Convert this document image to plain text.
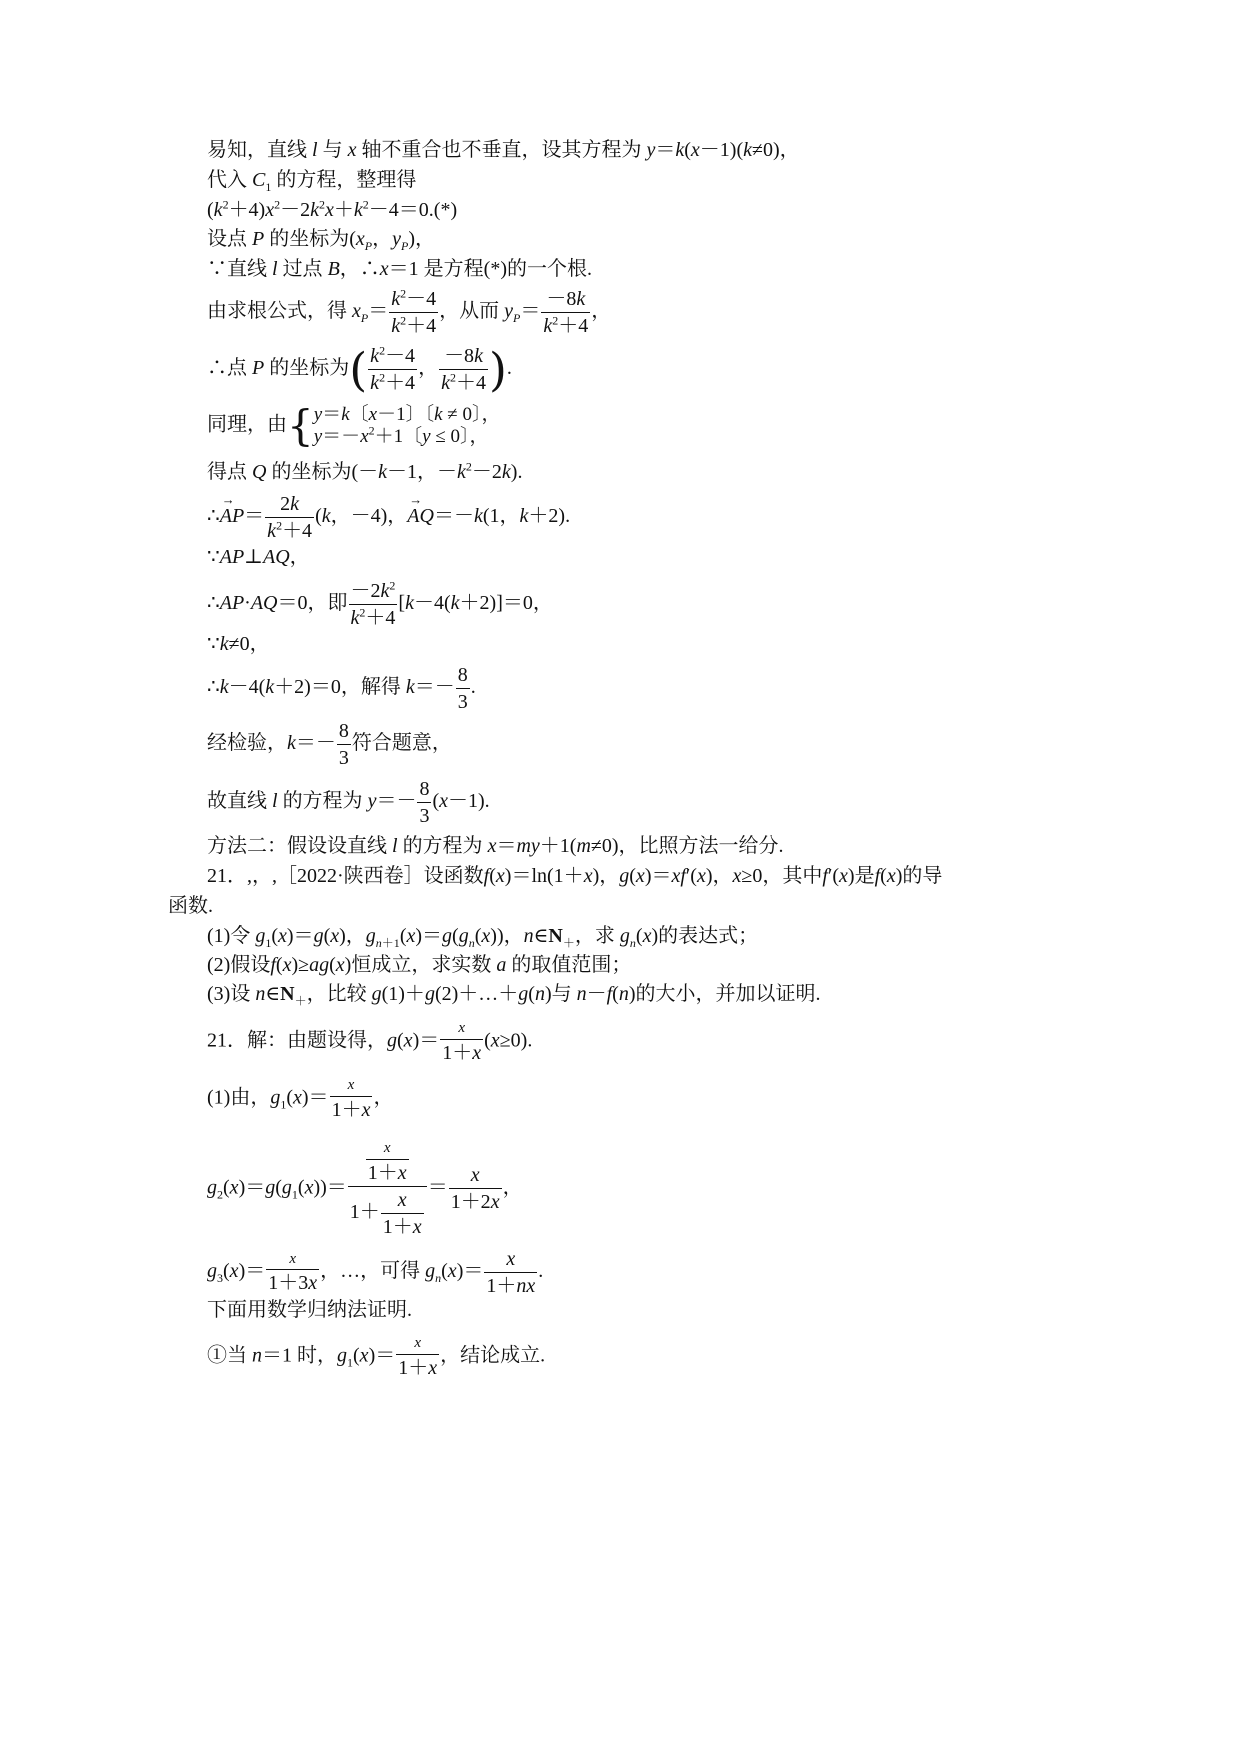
易知，直线 l 与 x 轴不重合也不垂直，设其方程为 y＝k(x－1)(k≠0)，
代入 $C_1$ 的方程，整理得
$(k^2+4)x^2-2k^2x+k^2-4=0.(*)$
设点 P 的坐标为($x_P$，$y_P$)，
∵直线 l 过点 B，∴x＝1 是方程(*)的一个根.
由求根公式，得 $x_P= \frac{k^2-4}{k^2+4}$ ，从而 $y_P= \frac{-8k}{k^2+4}$ ，
∴点 P 的坐标为( $\frac{k^2-4}{k^2+4}$ ， $\frac{-8k}{k^2+4}$ ).
同理，由{ y＝k〔x－1〕〔k ≠ 0〕，
$y=-x^2+1$〔y ≤ 0〕，
得点 Q 的坐标为(－k－1，$-k^2-2k$).
∴→ $AP= \frac{2k}{k^2+4} (k$，－4)，→ AQ＝－k(1，k＋2).
∵AP⊥AQ，
∴AP·AQ＝0，即 $\frac{-2k^2}{k^2+4} [k-4(k+2)]=0$，
∵k≠0，
∴k－4(k＋2)＝0，解得 $k=- \frac{8}{3}$ .
经检验，$k=- \frac{8}{3}$ 符合题意，
故直线 l 的方程为 $y=- \frac{8}{3} (x-1)$.
方法二：假设设直线 l 的方程为 x＝my＋1(m≠0)，比照方法一给分.
21．,，,［2022·陕西卷］设函数f(x)＝ln(1＋x)，g(x)＝xf′(x)，x≥0，其中f′(x)是f(x)的导
函数.
(1)令 $g_1(x)=g(x)$，$g_{n+1}(x)=g(g_n(x))$，$n\in N_+$，求 $g_n(x)$的表达式；
(2)假设f(x)≥ag(x)恒成立，求实数 a 的取值范围；
(3)设 $n\in N_+$，比较 g(1)＋g(2)＋…＋g(n)与 n－f(n)的大小，并加以证明.
21．解：由题设得，$g(x)= \frac{x}{1+x} (x\ge 0)$.
(1)由，$g_1(x)= \frac{x}{1+x}$ ，
$g_2(x)=g(g_1(x))= \frac{\frac{x}{1+x}}{1+ \frac{x}{1+x}} = \frac{x}{1+2x}$ ，
$g_3(x)= \frac{x}{1+3x}$ ，…，可得 $g_n(x)= \frac{x}{1+nx}$ .
下面用数学归纳法证明.
①当 n＝1 时，$g_1(x)= \frac{x}{1+x}$ ，结论成立.
